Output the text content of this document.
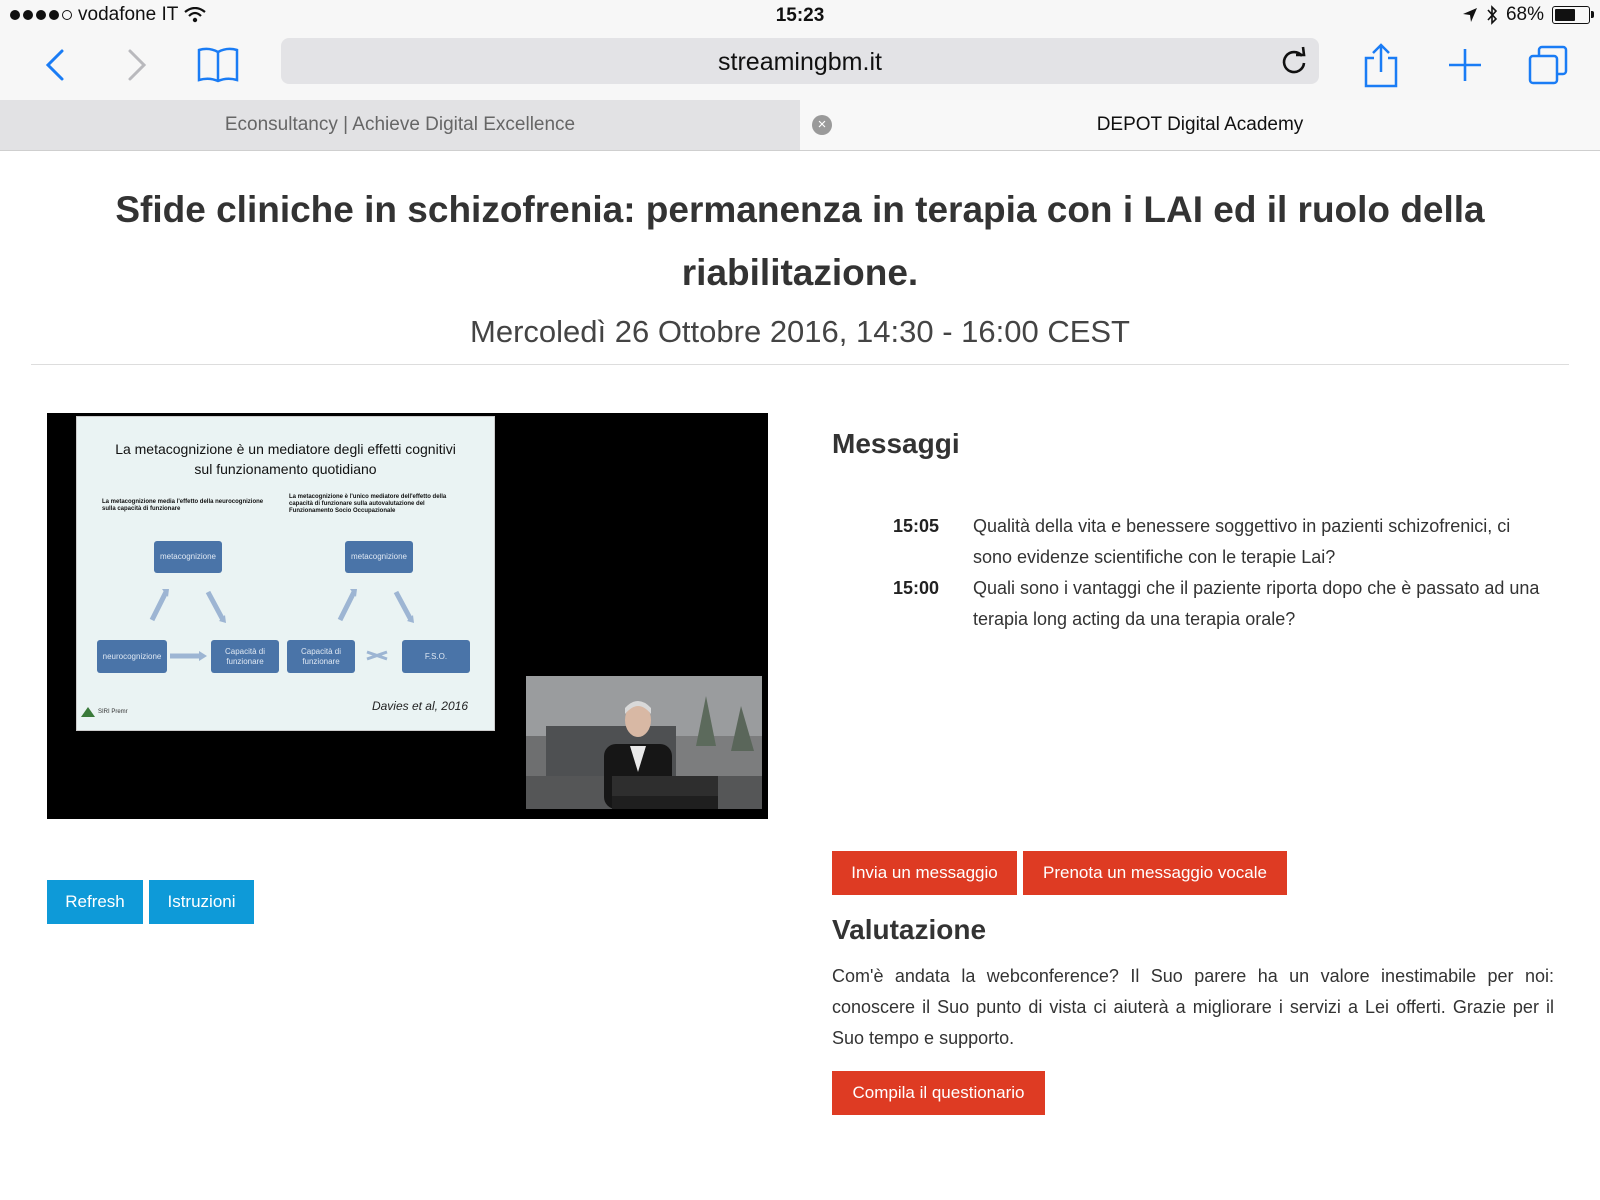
vodafone IT	15:23	68%
streamingbm.it
Econsultancy | Achieve Digital Excellence	×	DEPOT Digital Academy
Sfide cliniche in schizofrenia: permanenza in terapia con i LAI ed il ruolo della riabilitazione.
Mercoledì 26 Ottobre 2016, 14:30 - 16:00 CEST
La metacognizione è un mediatore degli effetti cognitivi
sul funzionamento quotidiano
La metacognizione media l'effetto della neurocognizione sulla capacità di funzionare
La metacognizione è l'unico mediatore dell'effetto della capacità di funzionare sulla autovalutazione del Funzionamento Socio Occupazionale
metacognizione	metacognizione
neurocognizione
Capacità di funzionare
Capacità di funzionare
F.S.O.
Davies et al, 2016
SIRI Premr
Refresh	Istruzioni
Messaggi
15:05 Qualità della vita e benessere soggettivo in pazienti schizofrenici, ci sono evidenze scientifiche con le terapie Lai?
15:00 Quali sono i vantaggi che il paziente riporta dopo che è passato ad una terapia long acting da una terapia orale?
Invia un messaggio	Prenota un messaggio vocale
Valutazione
Com'è andata la webconference? Il Suo parere ha un valore inestimabile per noi: conoscere il Suo punto di vista ci aiuterà a migliorare i servizi a Lei offerti. Grazie per il Suo tempo e supporto.
Compila il questionario
